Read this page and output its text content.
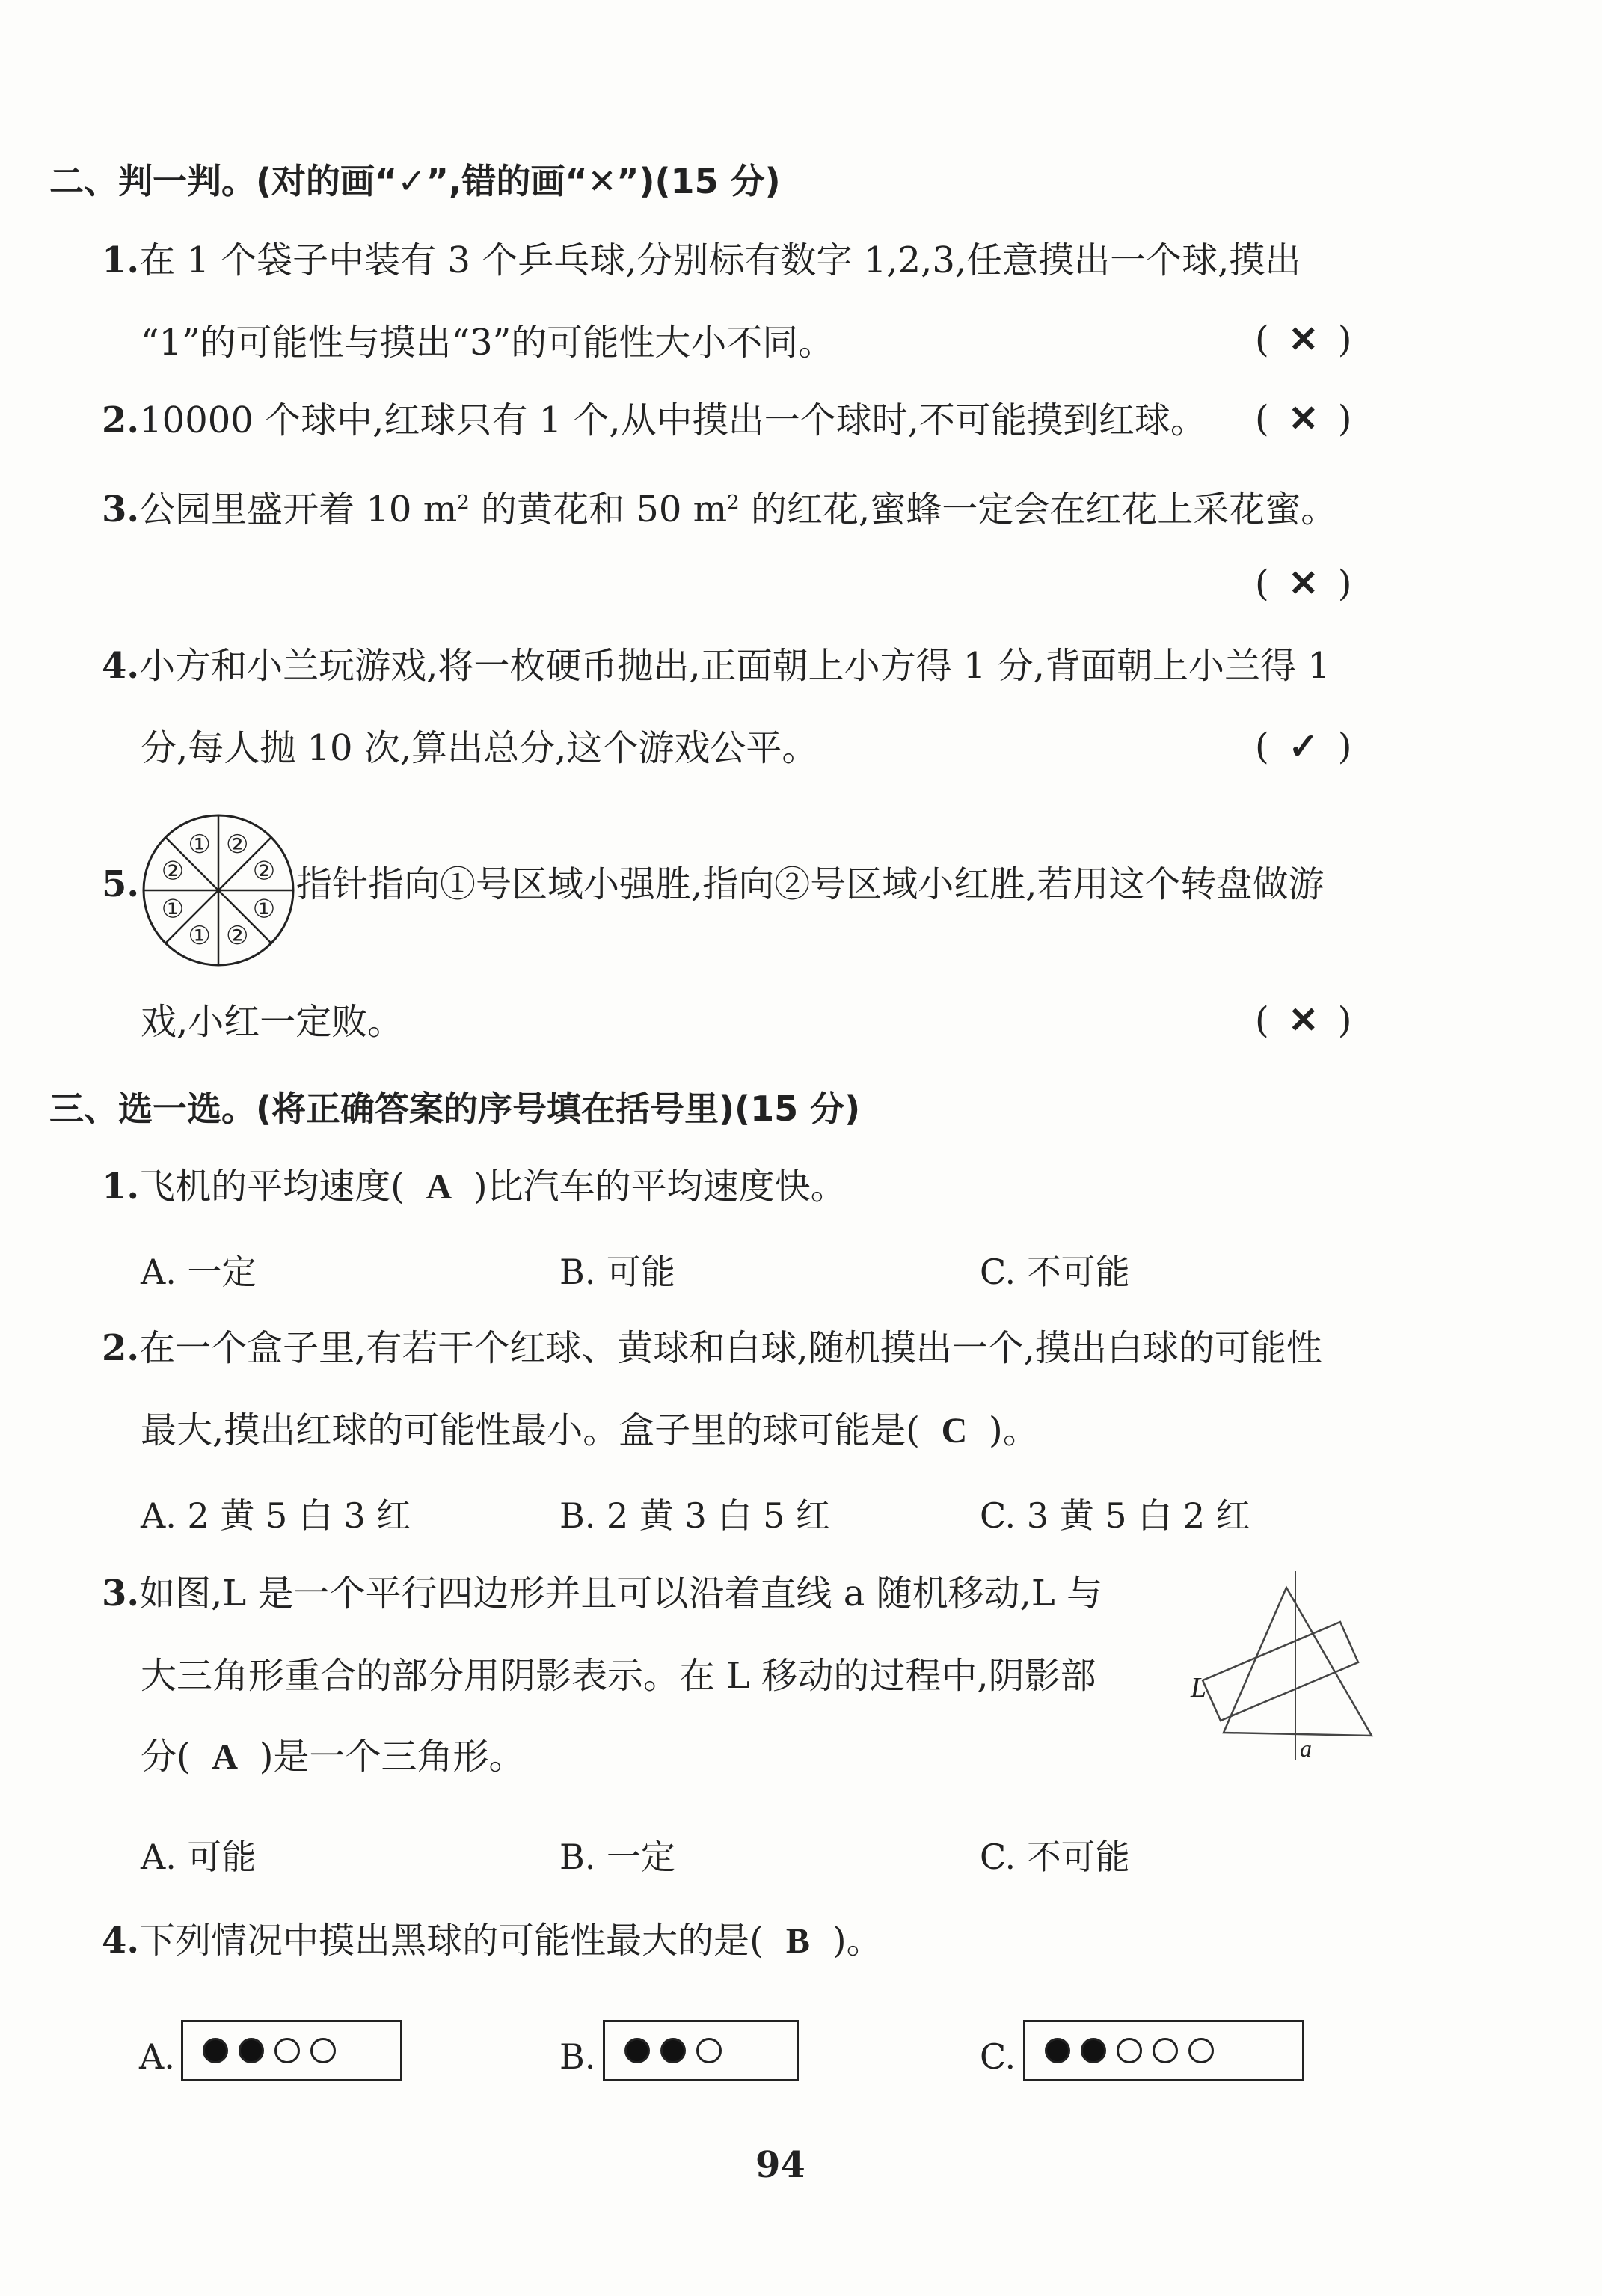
二、判一判。(对的画“✓”,错的画“✕”)(15 分)
1.在 1 个袋子中装有 3 个乒乓球,分别标有数字 1,2,3,任意摸出一个球,摸出
“1”的可能性与摸出“3”的可能性大小不同。	( ✕ )
2.10000 个球中,红球只有 1 个,从中摸出一个球时,不可能摸到红球。 ( ✕ )
3.公园里盛开着 10 $m^2$ 的黄花和 50 $m^2$ 的红花,蜜蜂一定会在红花上采花蜜。
( ✕ )
4.小方和小兰玩游戏,将一枚硬币抛出,正面朝上小方得 1 分,背面朝上小兰得 1
分,每人抛 10 次,算出总分,这个游戏公平。	( ✓ )
5.
① ②
②
①
②
①
①
②	指针指向①号区域小强胜,指向②号区域小红胜,若用这个转盘做游
戏,小红一定败。	( ✕ )
三、选一选。(将正确答案的序号填在括号里)(15 分)
1.飞机的平均速度( A )比汽车的平均速度快。
A. 一定	B. 可能	C. 不可能
2.在一个盒子里,有若干个红球、黄球和白球,随机摸出一个,摸出白球的可能性
最大,摸出红球的可能性最小。盒子里的球可能是( C )。
A. 2 黄 5 白 3 红	B. 2 黄 3 白 5 红	C. 3 黄 5 白 2 红
3.如图,L 是一个平行四边形并且可以沿着直线 a 随机移动,L 与
大三角形重合的部分用阴影表示。在 L 移动的过程中,阴影部
分( A )是一个三角形。
L
a
A. 可能	B. 一定	C. 不可能
4.下列情况中摸出黑球的可能性最大的是( B )。
A.	B.	C.
94
